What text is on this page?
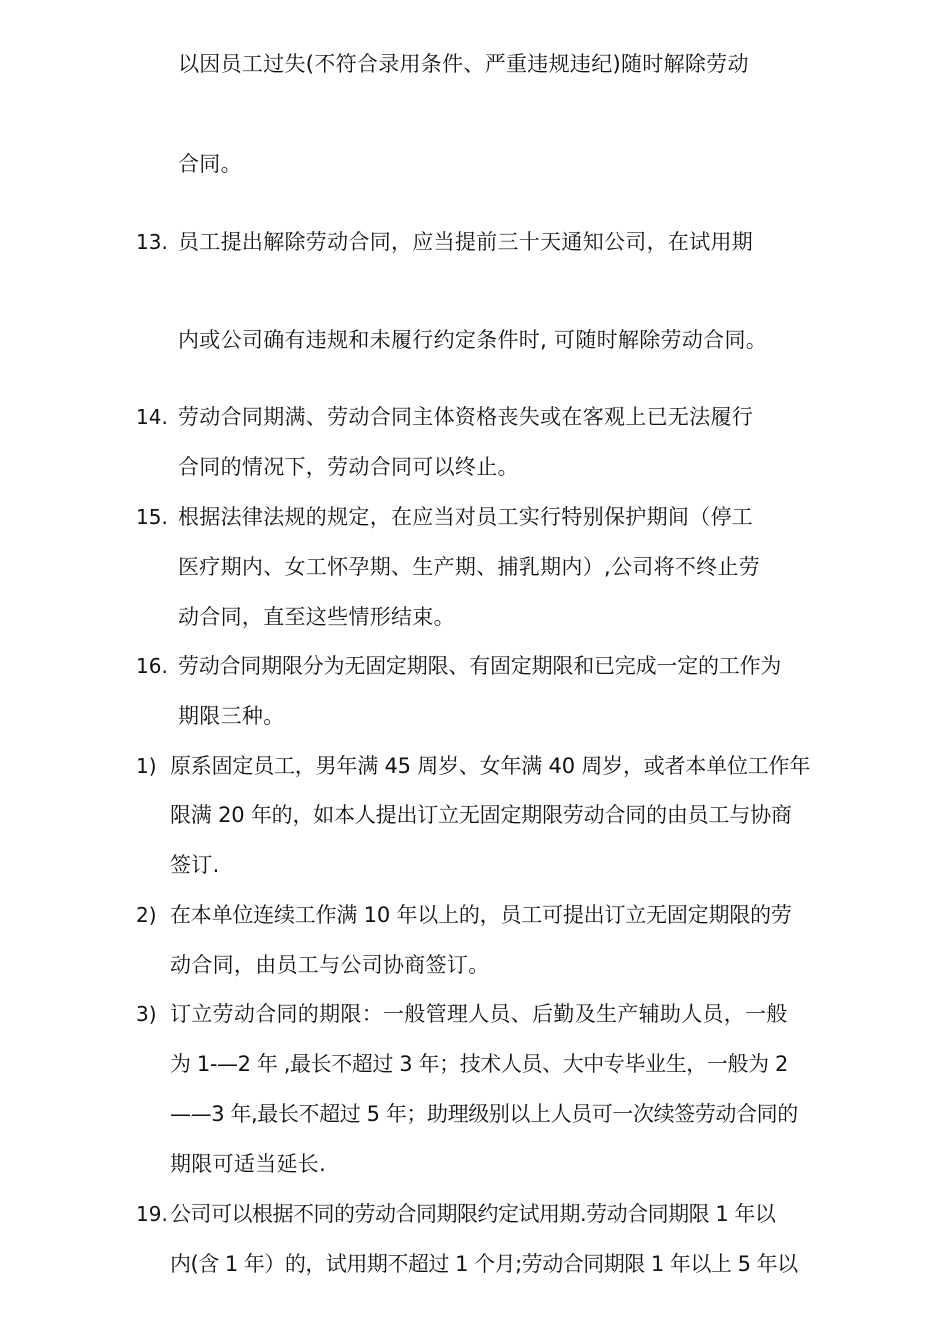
以因员工过失(不符合录用条件、严重违规违纪)随时解除劳动
合同。
13. 员工提出解除劳动合同，应当提前三十天通知公司，在试用期
内或公司确有违规和未履行约定条件时, 可随时解除劳动合同。
14. 劳动合同期满、劳动合同主体资格丧失或在客观上已无法履行
合同的情况下，劳动合同可以终止。
15. 根据法律法规的规定，在应当对员工实行特别保护期间（停工
医疗期内、女工怀孕期、生产期、捕乳期内）,公司将不终止劳
动合同，直至这些情形结束。
16. 劳动合同期限分为无固定期限、有固定期限和已完成一定的工作为
期限三种。
1) 原系固定员工，男年满 45 周岁、女年满 40 周岁，或者本单位工作年
限满 20 年的，如本人提出订立无固定期限劳动合同的由员工与协商
签订.
2) 在本单位连续工作满 10 年以上的，员工可提出订立无固定期限的劳
动合同，由员工与公司协商签订。
3) 订立劳动合同的期限：一般管理人员、后勤及生产辅助人员，一般
为 1-—2 年 ,最长不超过 3 年；技术人员、大中专毕业生，一般为 2
——3 年,最长不超过 5 年；助理级别以上人员可一次续签劳动合同的
期限可适当延长.
19. 公司可以根据不同的劳动合同期限约定试用期.劳动合同期限 1 年以
内(含 1 年）的，试用期不超过 1 个月;劳动合同期限 1 年以上 5 年以
